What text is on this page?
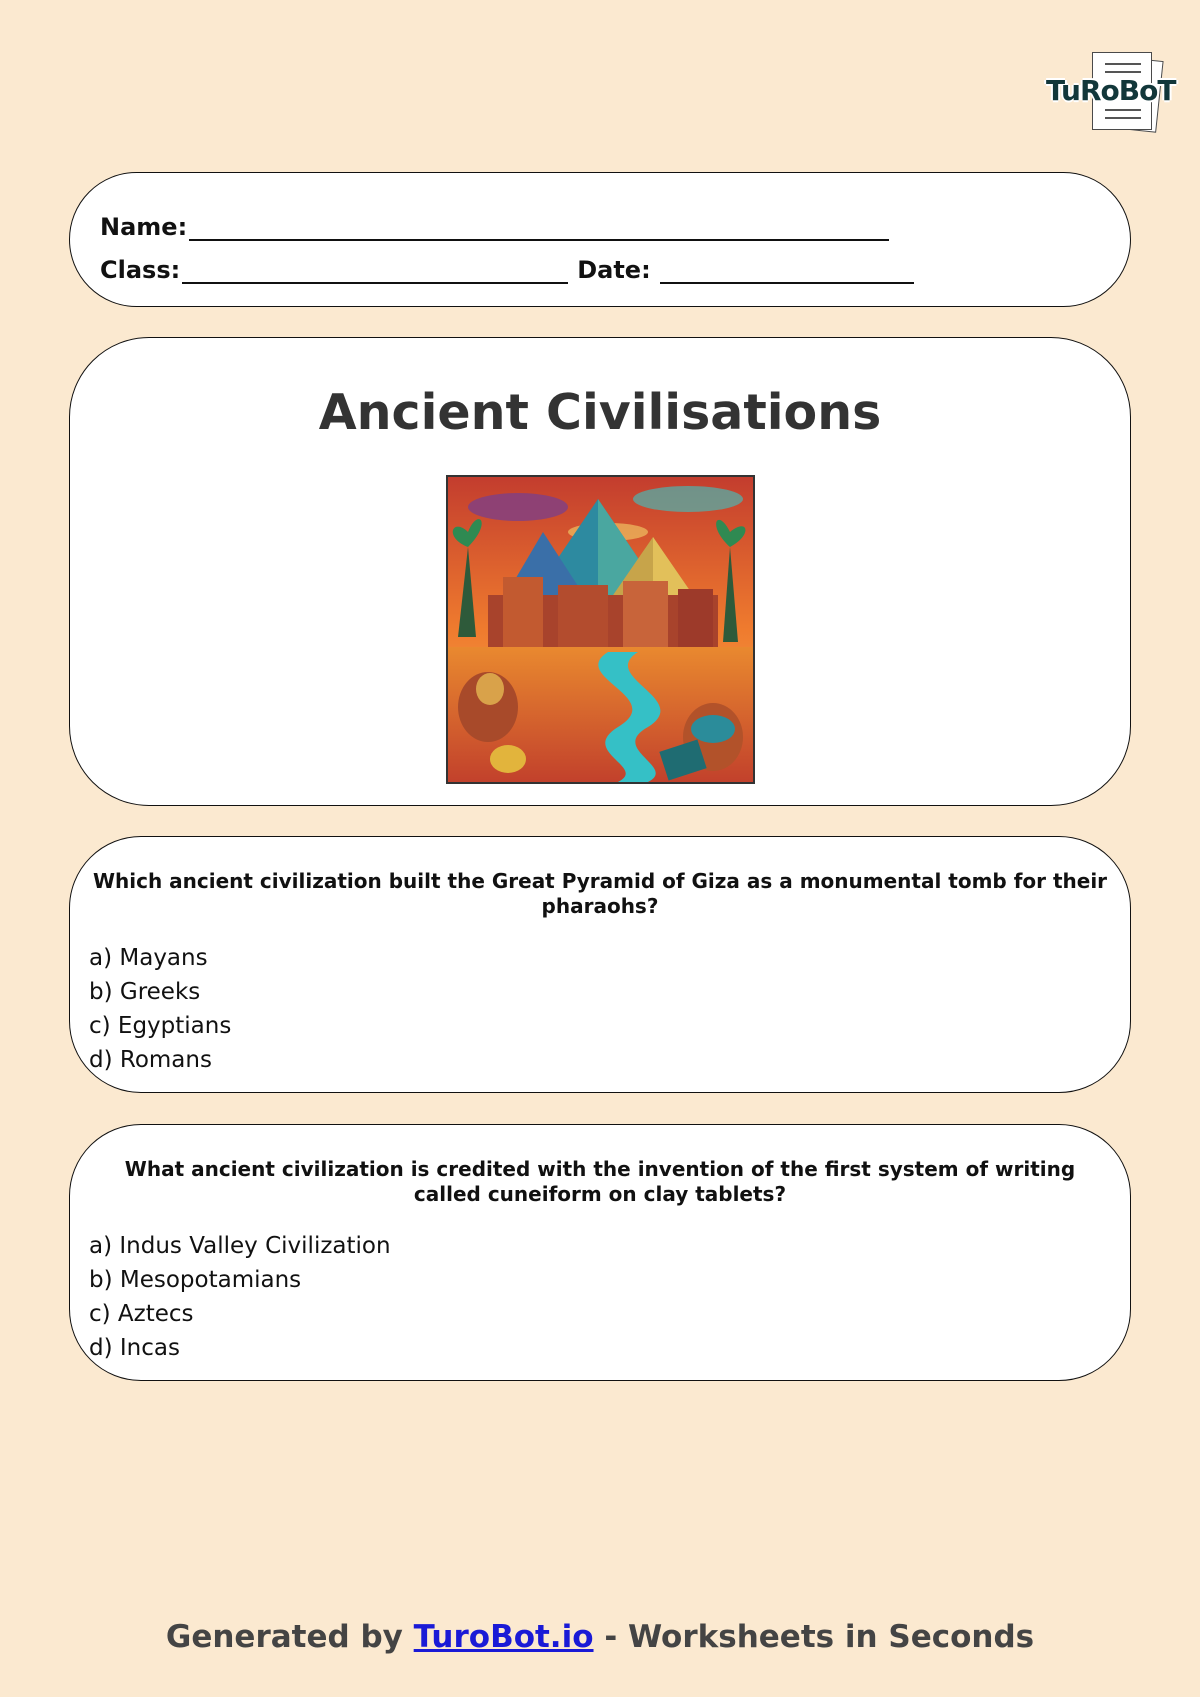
TuRoBoT
Name:
Class:	Date:
Ancient Civilisations
Which ancient civilization built the Great Pyramid of Giza as a monumental tomb for their pharaohs?
a) Mayans
b) Greeks
c) Egyptians
d) Romans
What ancient civilization is credited with the invention of the first system of writing called cuneiform on clay tablets?
a) Indus Valley Civilization
b) Mesopotamians
c) Aztecs
d) Incas
Generated by TuroBot.io - Worksheets in Seconds
